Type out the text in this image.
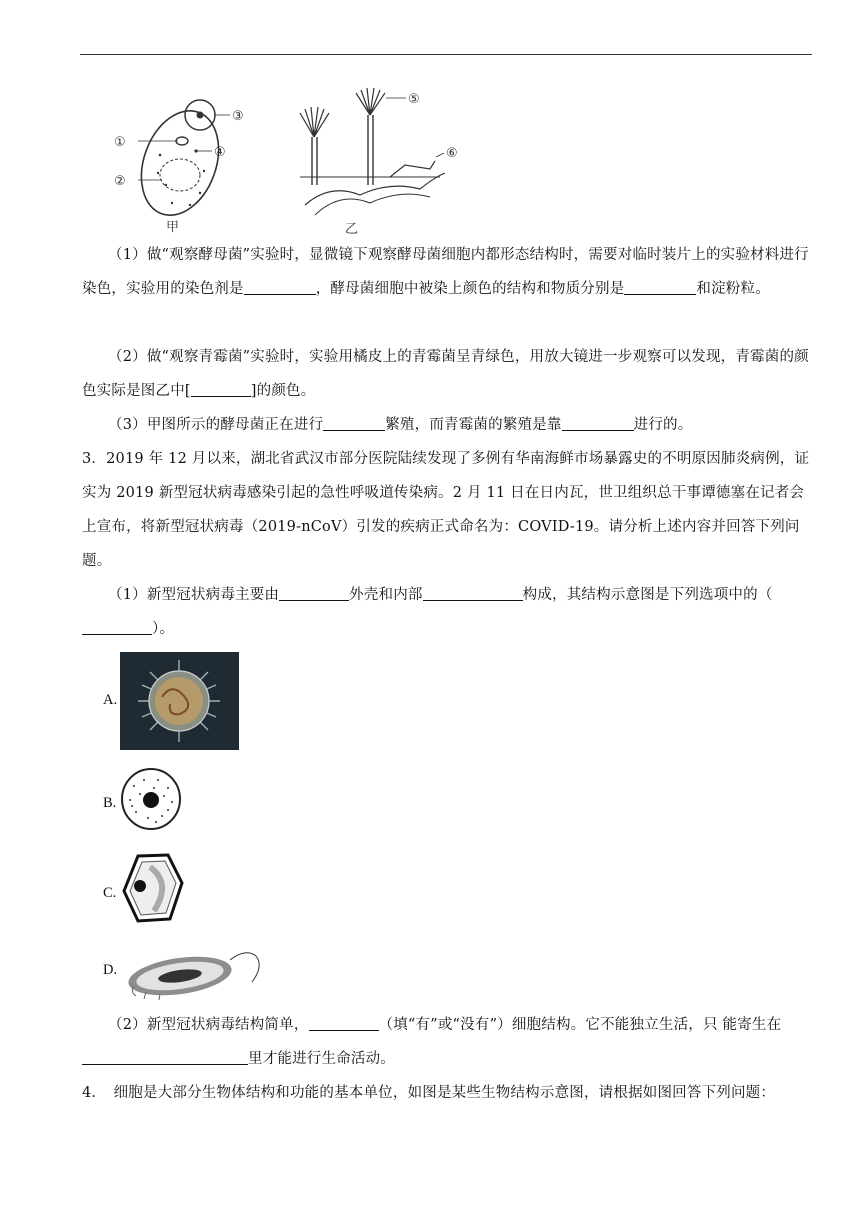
①
②
③
④
甲
⑤
⑥
乙

（1）做“观察酵母菌”实验时，显微镜下观察酵母菌细胞内都形态结构时，需要对临时装片上的实验材料进行染色，实验用的染色剂是	，酵母菌细胞中被染上颜色的结构和物质分别是	和淀粉粒。

（2）做“观察青霉菌”实验时，实验用橘皮上的青霉菌呈青绿色，用放大镜进一步观察可以发现，青霉菌的颜色实际是图乙中[	]的颜色。

（3）甲图所示的酵母菌正在进行	繁殖，而青霉菌的繁殖是靠	进行的。

3．2019 年 12 月以来，湖北省武汉市部分医院陆续发现了多例有华南海鲜市场暴露史的不明原因肺炎病例，证实为 2019 新型冠状病毒感染引起的急性呼吸道传染病。2 月 11 日在日内瓦，世卫组织总干事谭德塞在记者会上宣布，将新型冠状病毒（2019-nCoV）引发的疾病正式命名为：COVID-19。请分析上述内容并回答下列问题。

（1）新型冠状病毒主要由	外壳和内部	构成，其结构示意图是下列选项中的（）。

A.
B.
C.
D.

（2）新型冠状病毒结构简单，	（填“有”或“没有”）细胞结构。它不能独立生活，只 能寄生在 里才能进行生命活动。

4．　细胞是大部分生物体结构和功能的基本单位，如图是某些生物结构示意图，请根据如图回答下列问题：
